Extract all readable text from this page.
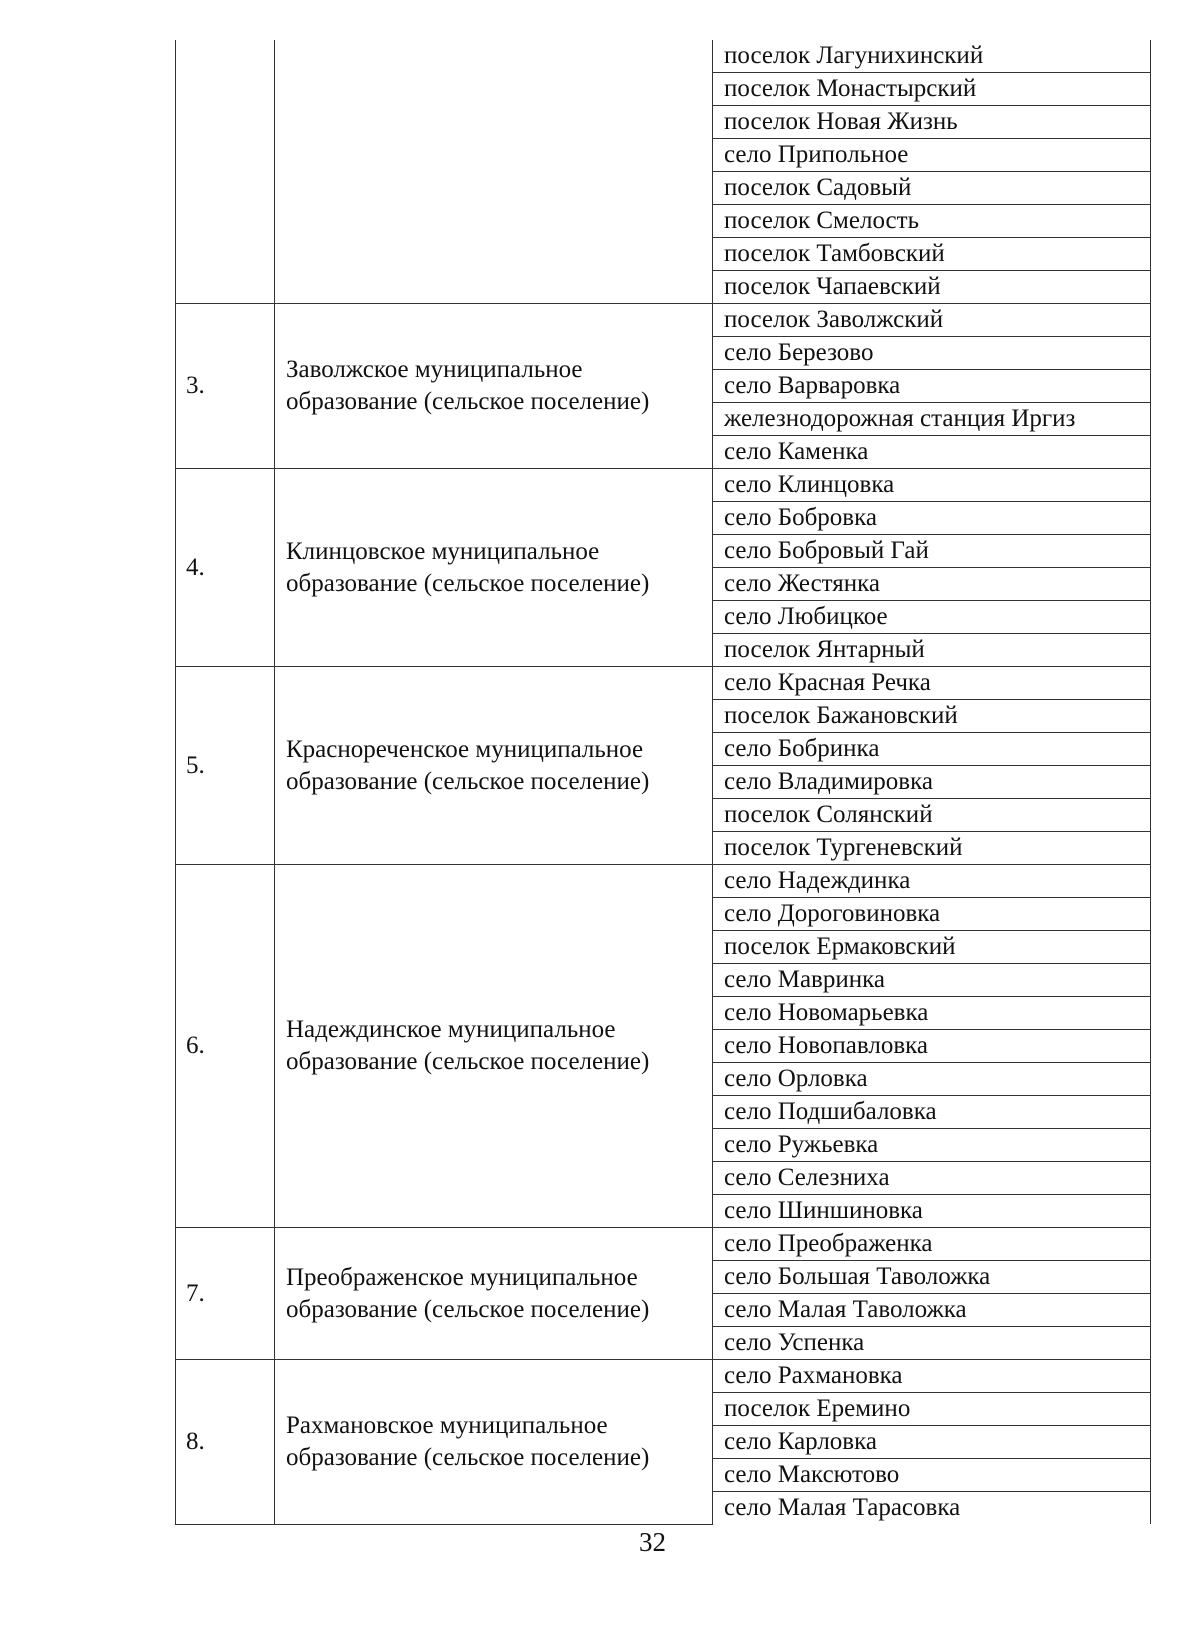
		поселок Лагунихинский
		поселок Монастырский
		поселок Новая Жизнь
		село Припольное
		поселок Садовый
		поселок Смелость
		поселок Тамбовский
		поселок Чапаевский
3.	Заволжское муниципальное образование (сельское поселение)	поселок Заволжский
		село Березово
		село Варваровка
		железнодорожная станция Иргиз
		село Каменка
4.	Клинцовское муниципальное образование (сельское поселение)	село Клинцовка
		село Бобровка
		село Бобровый Гай
		село Жестянка
		село Любицкое
		поселок Янтарный
5.	Краснореченское муниципальное образование (сельское поселение)	село Красная Речка
		поселок Бажановский
		село Бобринка
		село Владимировка
		поселок Солянский
		поселок Тургеневский
6.	Надеждинское муниципальное образование (сельское поселение)	село Надеждинка
		село Дороговиновка
		поселок Ермаковский
		село Мавринка
		село Новомарьевка
		село Новопавловка
		село Орловка
		село Подшибаловка
		село Ружьевка
		село Селезниха
		село Шиншиновка
7.	Преображенское муниципальное образование (сельское поселение)	село Преображенка
		село Большая Таволожка
		село Малая Таволожка
		село Успенка
8.	Рахмановское муниципальное образование (сельское поселение)	село Рахмановка
		поселок Еремино
		село Карловка
		село Максютово
		село Малая Тарасовка
32
